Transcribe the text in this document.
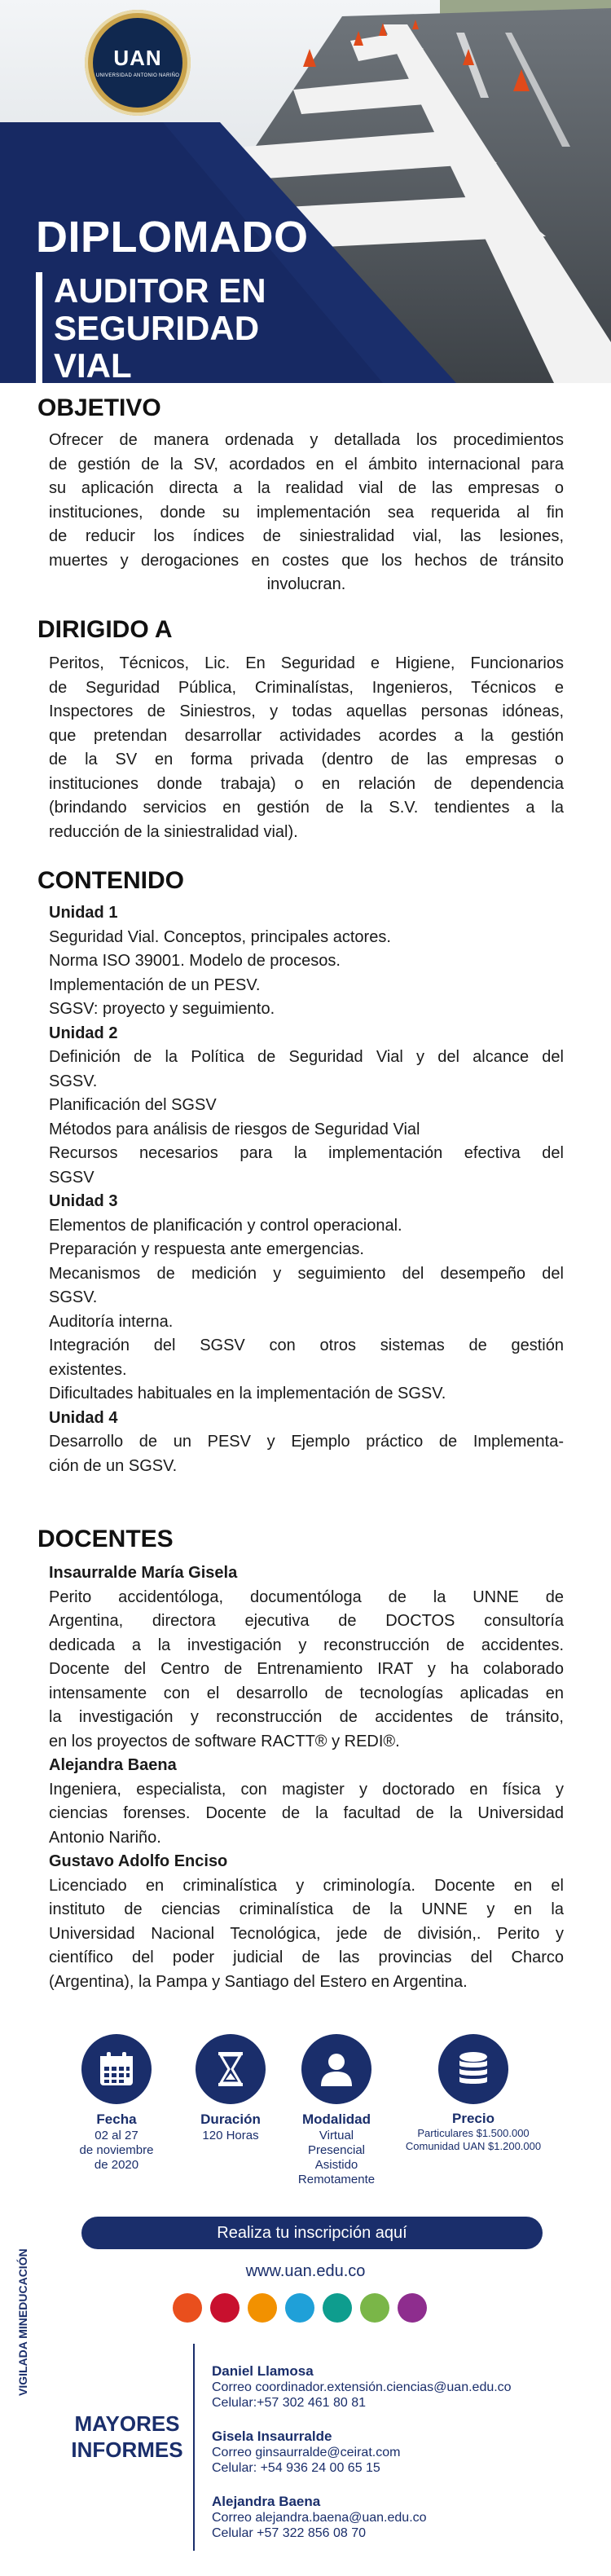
UAN
UNIVERSIDAD ANTONIO NARIÑO
DIPLOMADO
AUDITOR EN
SEGURIDAD VIAL
OBJETIVO
Ofrecer de manera ordenada y detallada los procedimientos
de gestión de la SV, acordados en el ámbito internacional para
su aplicación directa a la realidad vial de las empresas o
instituciones, donde su implementación sea requerida al fin
de reducir los índices de siniestralidad vial, las lesiones,
muertes y derogaciones en costes que los hechos de tránsito
involucran.
DIRIGIDO A
Peritos, Técnicos, Lic. En Seguridad e Higiene, Funcionarios
de Seguridad Pública, Criminalístas, Ingenieros, Técnicos e
Inspectores de Siniestros, y todas aquellas personas idóneas,
que pretendan desarrollar actividades acordes a la gestión
de la SV en forma privada (dentro de las empresas o
instituciones donde trabaja) o en relación de dependencia
(brindando servicios en gestión de la S.V. tendientes a la
reducción de la siniestralidad vial).
CONTENIDO
Unidad 1
Seguridad Vial. Conceptos, principales actores.
Norma ISO 39001. Modelo de procesos.
Implementación de un PESV.
SGSV: proyecto y seguimiento.
Unidad 2
Definición de la Política de Seguridad Vial y del alcance del
SGSV.
Planificación del SGSV
Métodos para análisis de riesgos de Seguridad Vial
Recursos necesarios para la implementación efectiva del
SGSV
Unidad 3
Elementos de planificación y control operacional.
Preparación y respuesta ante emergencias.
Mecanismos de medición y seguimiento del desempeño del
SGSV.
Auditoría interna.
Integración del SGSV con otros sistemas de gestión
existentes.
Dificultades habituales en la implementación de SGSV.
Unidad 4
Desarrollo de un PESV y Ejemplo práctico de Implementa-
ción de un SGSV.
DOCENTES
Insaurralde María Gisela
Perito accidentóloga, documentóloga de la UNNE de
Argentina, directora ejecutiva de DOCTOS consultoría
dedicada a la investigación y reconstrucción de accidentes.
Docente del Centro de Entrenamiento IRAT y ha colaborado
intensamente con el desarrollo de tecnologías aplicadas en
la investigación y reconstrucción de accidentes de tránsito,
en los proyectos de software RACTT® y REDI®.
Alejandra Baena
Ingeniera, especialista, con magister y doctorado en física y
ciencias forenses. Docente de la facultad de la Universidad
Antonio Nariño.
Gustavo Adolfo Enciso
Licenciado en criminalística y criminología. Docente en el
instituto de ciencias criminalística de la UNNE y en la
Universidad Nacional Tecnológica, jede de división,. Perito y
científico del poder judicial de las provincias del Charco
(Argentina), la Pampa y Santiago del Estero en Argentina.
Fecha
02 al 27
de noviembre
de 2020
Duración
120 Horas
Modalidad
Virtual
Presencial
Asistido Remotamente
Precio
Particulares $1.500.000
Comunidad UAN $1.200.000
VIGILADA MINEDUCACIÓN
Realiza tu inscripción aquí
www.uan.edu.co
MAYORES
INFORMES
Daniel Llamosa
Correo coordinador.extensión.ciencias@uan.edu.co
Celular:+57 302 461 80 81
Gisela Insaurralde
Correo ginsaurralde@ceirat.com
Celular: +54 936 24 00 65 15
Alejandra Baena
Correo alejandra.baena@uan.edu.co
Celular +57 322 856 08 70
